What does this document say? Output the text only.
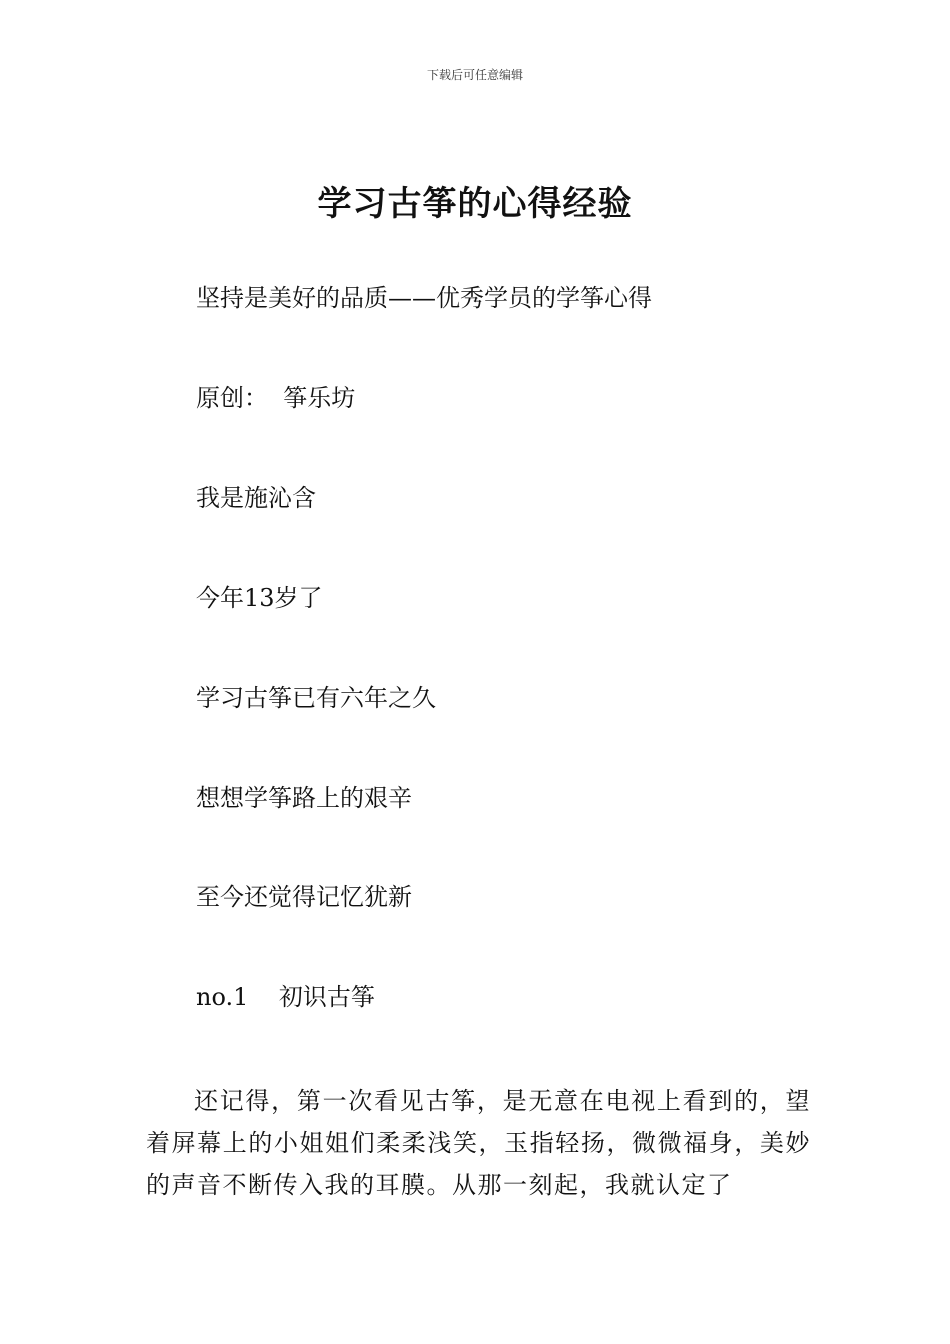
下载后可任意编辑
学习古筝的心得经验
坚持是美好的品质——优秀学员的学筝心得
原创：  筝乐坊
我是施沁含
今年13岁了
学习古筝已有六年之久
想想学筝路上的艰辛
至今还觉得记忆犹新
no.1    初识古筝
还记得，第一次看见古筝，是无意在电视上看到的，望着屏幕上的小姐姐们柔柔浅笑，玉指轻扬，微微福身，美妙的声音不断传入我的耳膜。从那一刻起，我就认定了
